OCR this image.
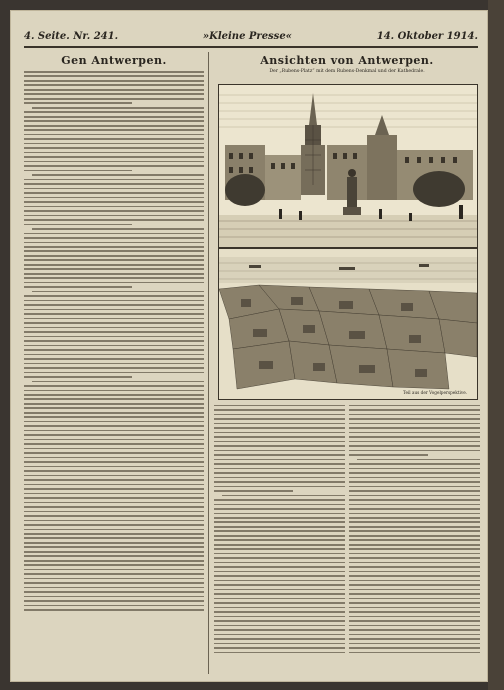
4. Seite. Nr. 241.	»Kleine Presse«	14. Oktober 1914.
Gen Antwerpen.	Ansichten von Antwerpen.
Der „Rubens-Platz“ mit dem Rubens-Denkmal und der Kathedrale.
Teil aus der Vogelperspektive.
